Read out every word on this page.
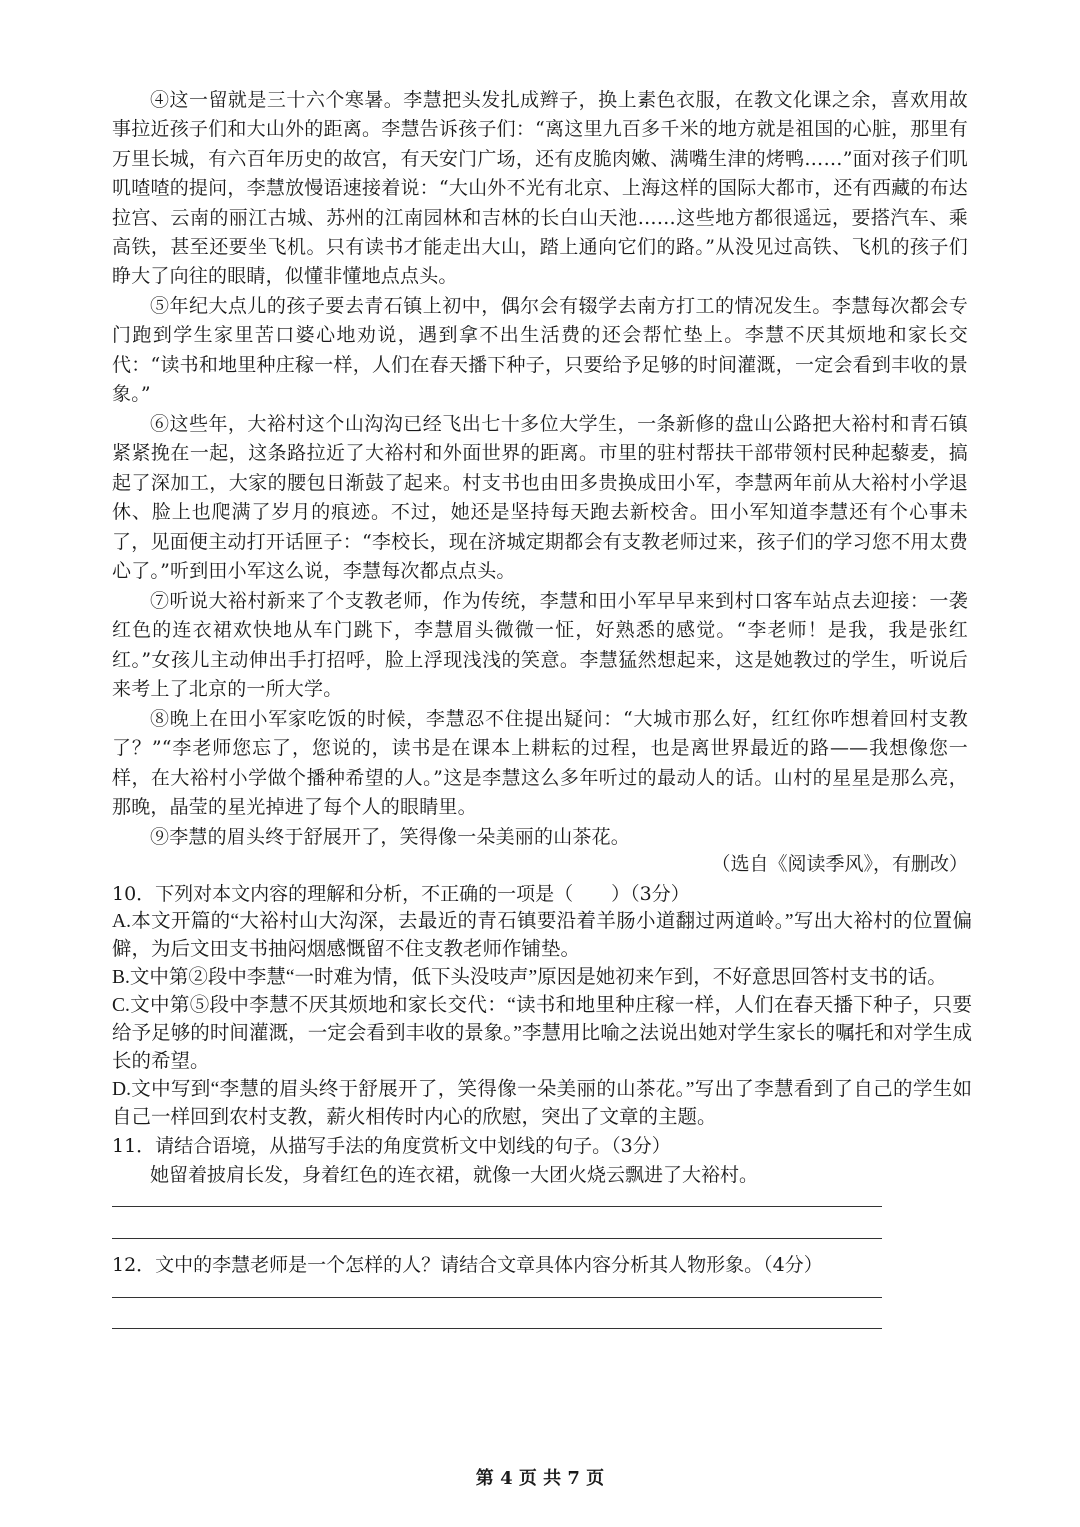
④这一留就是三十六个寒暑。李慧把头发扎成辫子，换上素色衣服，在教文化课之余，喜欢用故事拉近孩子们和大山外的距离。李慧告诉孩子们：“离这里九百多千米的地方就是祖国的心脏，那里有万里长城，有六百年历史的故宫，有天安门广场，还有皮脆肉嫩、满嘴生津的烤鸭……”面对孩子们叽叽喳喳的提问，李慧放慢语速接着说：“大山外不光有北京、上海这样的国际大都市，还有西藏的布达拉宫、云南的丽江古城、苏州的江南园林和吉林的长白山天池……这些地方都很遥远，要搭汽车、乘高铁，甚至还要坐飞机。只有读书才能走出大山，踏上通向它们的路。”从没见过高铁、飞机的孩子们睁大了向往的眼睛，似懂非懂地点点头。

⑤年纪大点儿的孩子要去青石镇上初中，偶尔会有辍学去南方打工的情况发生。李慧每次都会专门跑到学生家里苦口婆心地劝说，遇到拿不出生活费的还会帮忙垫上。李慧不厌其烦地和家长交代：“读书和地里种庄稼一样，人们在春天播下种子，只要给予足够的时间灌溉，一定会看到丰收的景象。”

⑥这些年，大裕村这个山沟沟已经飞出七十多位大学生，一条新修的盘山公路把大裕村和青石镇紧紧挽在一起，这条路拉近了大裕村和外面世界的距离。市里的驻村帮扶干部带领村民种起藜麦，搞起了深加工，大家的腰包日渐鼓了起来。村支书也由田多贵换成田小军，李慧两年前从大裕村小学退休、脸上也爬满了岁月的痕迹。不过，她还是坚持每天跑去新校舍。田小军知道李慧还有个心事未了，见面便主动打开话匣子：“李校长，现在济城定期都会有支教老师过来，孩子们的学习您不用太费心了。”听到田小军这么说，李慧每次都点点头。

⑦听说大裕村新来了个支教老师，作为传统，李慧和田小军早早来到村口客车站点去迎接：一袭红色的连衣裙欢快地从车门跳下，李慧眉头微微一怔，好熟悉的感觉。“李老师！是我，我是张红红。”女孩儿主动伸出手打招呼，脸上浮现浅浅的笑意。李慧猛然想起来，这是她教过的学生，听说后来考上了北京的一所大学。

⑧晚上在田小军家吃饭的时候，李慧忍不住提出疑问：“大城市那么好，红红你咋想着回村支教了？”“李老师您忘了，您说的，读书是在课本上耕耘的过程，也是离世界最近的路——我想像您一样，在大裕村小学做个播种希望的人。”这是李慧这么多年听过的最动人的话。山村的星星是那么亮，那晚，晶莹的星光掉进了每个人的眼睛里。

⑨李慧的眉头终于舒展开了，笑得像一朵美丽的山茶花。

（选自《阅读季风》，有删改）

10．下列对本文内容的理解和分析，不正确的一项是（　　）（3分）

A.本文开篇的“大裕村山大沟深，去最近的青石镇要沿着羊肠小道翻过两道岭。”写出大裕村的位置偏僻，为后文田支书抽闷烟感慨留不住支教老师作铺垫。

B.文中第②段中李慧“一时难为情，低下头没吱声”原因是她初来乍到，不好意思回答村支书的话。

C.文中第⑤段中李慧不厌其烦地和家长交代：“读书和地里种庄稼一样，人们在春天播下种子，只要给予足够的时间灌溉，一定会看到丰收的景象。”李慧用比喻之法说出她对学生家长的嘱托和对学生成长的希望。

D.文中写到“李慧的眉头终于舒展开了，笑得像一朵美丽的山茶花。”写出了李慧看到了自己的学生如自己一样回到农村支教，薪火相传时内心的欣慰，突出了文章的主题。

11．请结合语境，从描写手法的角度赏析文中划线的句子。（3分）

她留着披肩长发，身着红色的连衣裙，就像一大团火烧云飘进了大裕村。

12．文中的李慧老师是一个怎样的人？请结合文章具体内容分析其人物形象。（4分）

第 4 页 共 7 页
